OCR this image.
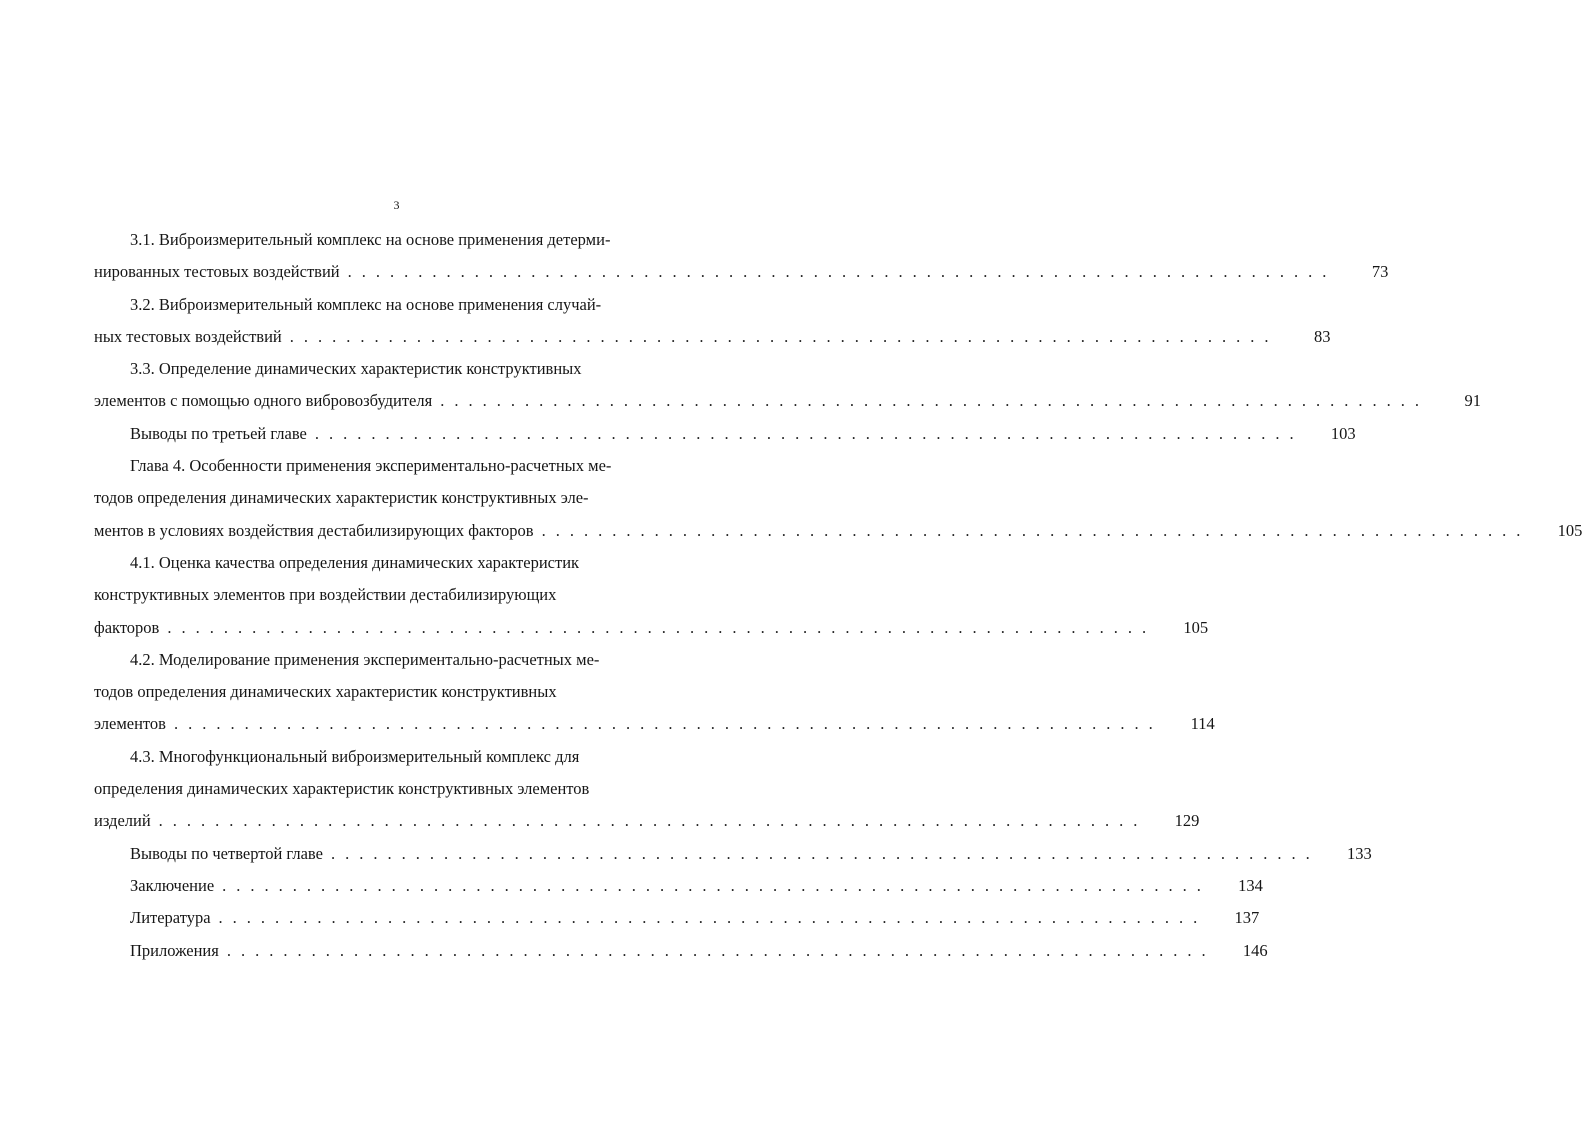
3
3.1. Виброизмерительный комплекс на основе применения детерми-
нированных тестовых воздействий ......................................................................	73
3.2. Виброизмерительный комплекс на основе применения случай-
ных тестовых воздействий ......................................................................	83
3.3. Определение динамических характеристик конструктивных
элементов с помощью одного вибровозбудителя ......................................................................	91
Выводы по третьей главе ......................................................................	103
Глава 4. Особенности применения экспериментально-расчетных ме-
тодов определения динамических характеристик конструктивных эле-
ментов в условиях воздействия дестабилизирующих факторов ......................................................................	105
4.1. Оценка качества определения динамических характеристик
конструктивных элементов при воздействии дестабилизирующих
факторов ......................................................................	105
4.2. Моделирование применения экспериментально-расчетных ме-
тодов определения динамических характеристик конструктивных
элементов ......................................................................	114
4.3. Многофункциональный виброизмерительный комплекс для
определения динамических характеристик конструктивных элементов
изделий ......................................................................	129
Выводы по четвертой главе ......................................................................	133
Заключение ......................................................................	134
Литература ......................................................................	137
Приложения ......................................................................	146
